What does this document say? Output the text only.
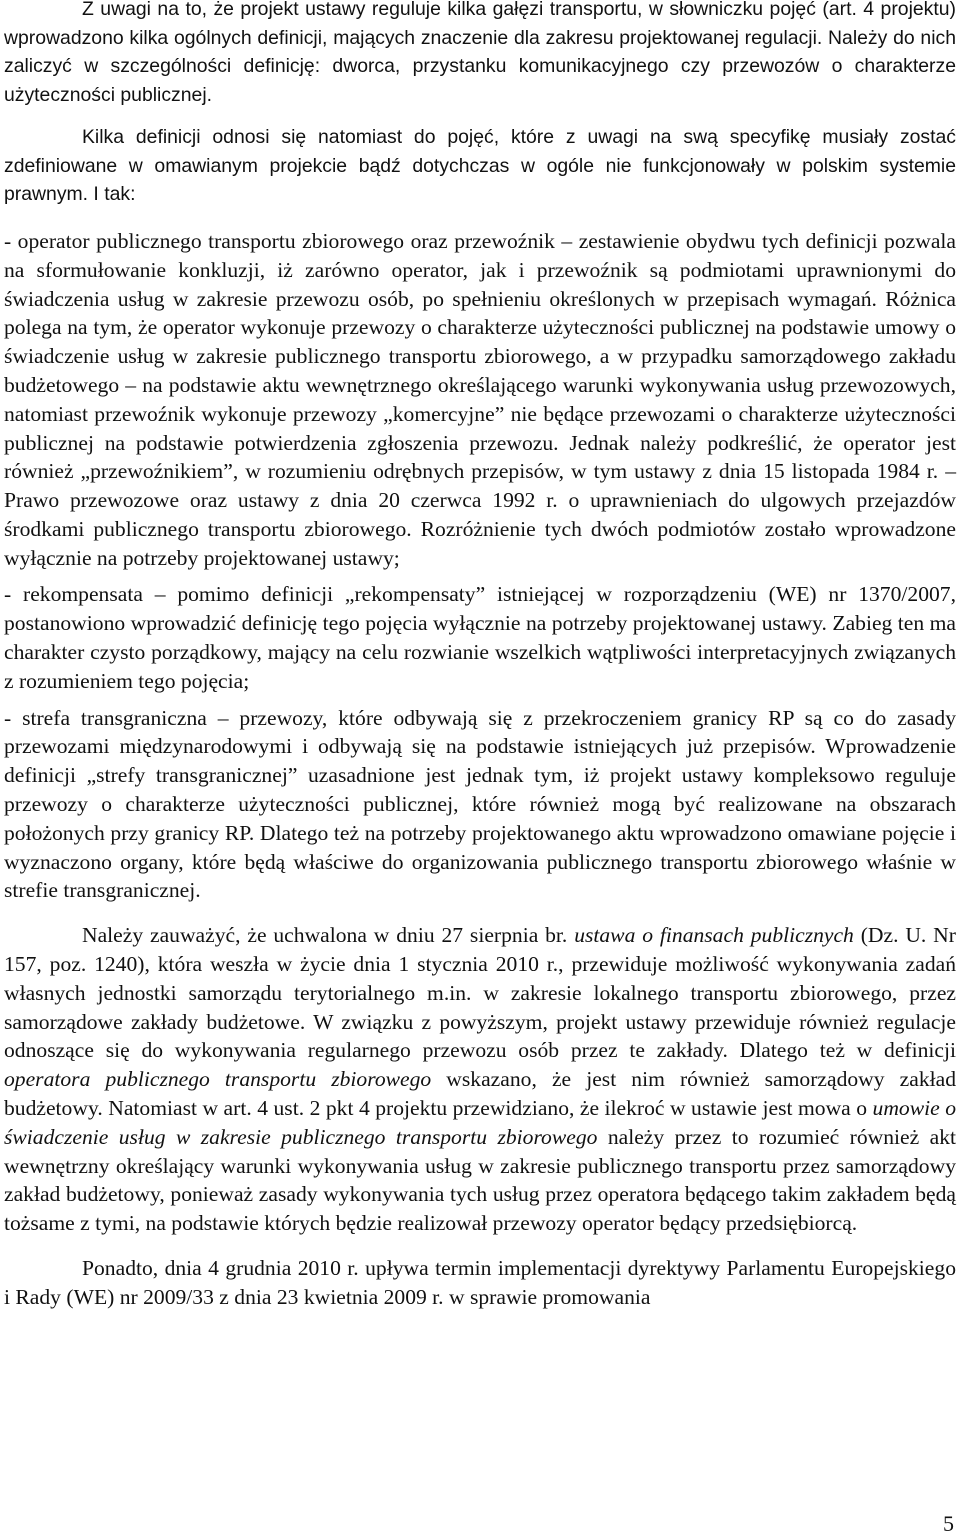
Z uwagi na to, że projekt ustawy reguluje kilka gałęzi transportu, w słowniczku pojęć (art. 4 projektu) wprowadzono kilka ogólnych definicji, mających znaczenie dla zakresu projektowanej regulacji. Należy do nich zaliczyć w szczególności definicję: dworca, przystanku komunikacyjnego czy przewozów o charakterze użyteczności publicznej.

Kilka definicji odnosi się natomiast do pojęć, które z uwagi na swą specyfikę musiały zostać zdefiniowane w omawianym projekcie bądź dotychczas w ogóle nie funkcjonowały w polskim systemie prawnym. I tak:

- operator publicznego transportu zbiorowego oraz przewoźnik – zestawienie obydwu tych definicji pozwala na sformułowanie konkluzji, iż zarówno operator, jak i przewoźnik są podmiotami uprawnionymi do świadczenia usług w zakresie przewozu osób, po spełnieniu określonych w przepisach wymagań. Różnica polega na tym, że operator wykonuje przewozy o charakterze użyteczności publicznej na podstawie umowy o świadczenie usług w zakresie publicznego transportu zbiorowego, a w przypadku samorządowego zakładu budżetowego – na podstawie aktu wewnętrznego określającego warunki wykonywania usług przewozowych, natomiast przewoźnik wykonuje przewozy „komercyjne” nie będące przewozami o charakterze użyteczności publicznej na podstawie potwierdzenia zgłoszenia przewozu. Jednak należy podkreślić, że operator jest również „przewoźnikiem”, w rozumieniu odrębnych przepisów, w tym ustawy z dnia 15 listopada 1984 r. – Prawo przewozowe oraz ustawy z dnia 20 czerwca 1992 r. o uprawnieniach do ulgowych przejazdów środkami publicznego transportu zbiorowego. Rozróżnienie tych dwóch podmiotów zostało wprowadzone wyłącznie na potrzeby projektowanej ustawy;

- rekompensata – pomimo definicji „rekompensaty” istniejącej w rozporządzeniu (WE) nr 1370/2007, postanowiono wprowadzić definicję tego pojęcia wyłącznie na potrzeby projektowanej ustawy. Zabieg ten ma charakter czysto porządkowy, mający na celu rozwianie wszelkich wątpliwości interpretacyjnych związanych z rozumieniem tego pojęcia;

- strefa transgraniczna – przewozy, które odbywają się z przekroczeniem granicy RP są co do zasady przewozami międzynarodowymi i odbywają się na podstawie istniejących już przepisów. Wprowadzenie definicji „strefy transgranicznej” uzasadnione jest jednak tym, iż projekt ustawy kompleksowo reguluje przewozy o charakterze użyteczności publicznej, które również mogą być realizowane na obszarach położonych przy granicy RP. Dlatego też na potrzeby projektowanego aktu wprowadzono omawiane pojęcie i wyznaczono organy, które będą właściwe do organizowania publicznego transportu zbiorowego właśnie w strefie transgranicznej.

Należy zauważyć, że uchwalona w dniu 27 sierpnia br. ustawa o finansach publicznych (Dz. U. Nr 157, poz. 1240), która weszła w życie dnia 1 stycznia 2010 r., przewiduje możliwość wykonywania zadań własnych jednostki samorządu terytorialnego m.in. w zakresie lokalnego transportu zbiorowego, przez samorządowe zakłady budżetowe. W związku z powyższym, projekt ustawy przewiduje również regulacje odnoszące się do wykonywania regularnego przewozu osób przez te zakłady. Dlatego też w definicji operatora publicznego transportu zbiorowego wskazano, że jest nim również samorządowy zakład budżetowy. Natomiast w art. 4 ust. 2 pkt 4 projektu przewidziano, że ilekroć w ustawie jest mowa o umowie o świadczenie usług w zakresie publicznego transportu zbiorowego należy przez to rozumieć również akt wewnętrzny określający warunki wykonywania usług w zakresie publicznego transportu przez samorządowy zakład budżetowy, ponieważ zasady wykonywania tych usług przez operatora będącego takim zakładem będą tożsame z tymi, na podstawie których będzie realizował przewozy operator będący przedsiębiorcą.

Ponadto, dnia 4 grudnia 2010 r. upływa termin implementacji dyrektywy Parlamentu Europejskiego i Rady (WE) nr 2009/33 z dnia 23 kwietnia 2009 r. w sprawie promowania

5
